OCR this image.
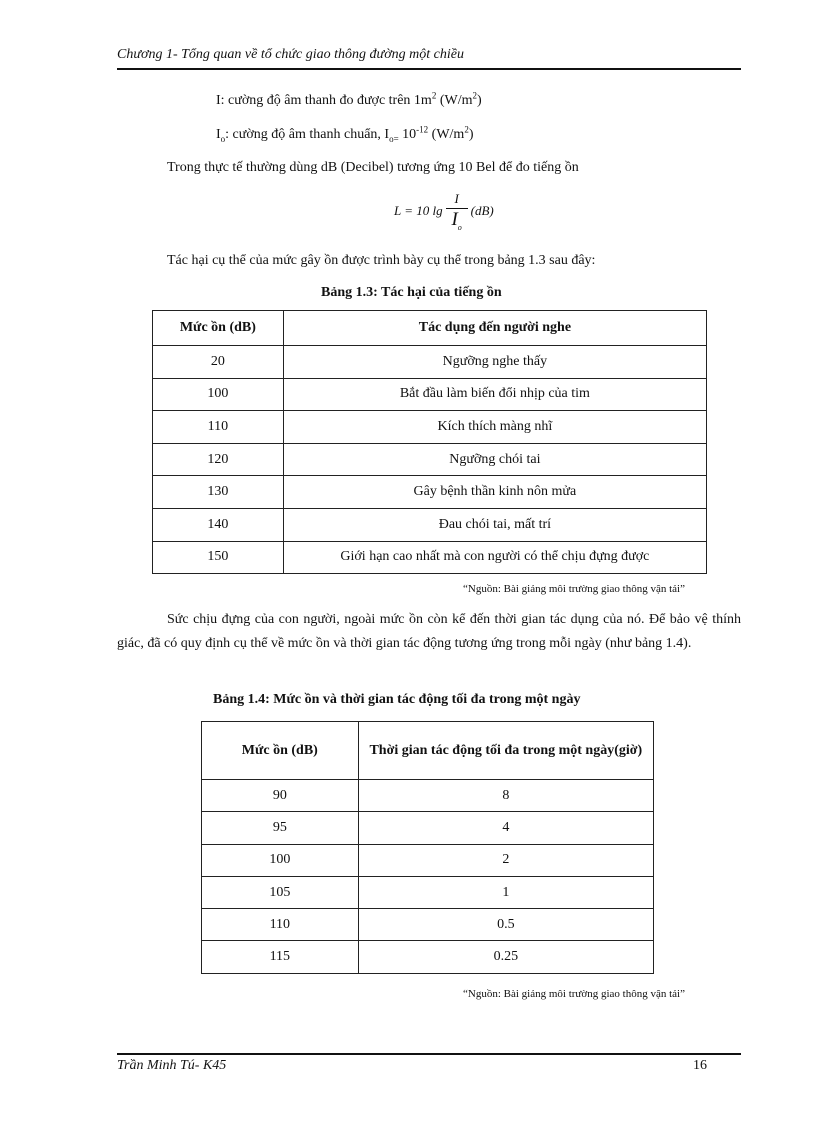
Chương 1- Tổng quan về tổ chức giao thông đường một chiều
I: cường độ âm thanh đo được trên $1m^2$ $(W/m^2)$
$I_o$: cường độ âm thanh chuẩn, $I_{o=}$ $10^{-12}$ $(W/m^2)$
Trong thực tế thường dùng dB (Decibel) tương ứng 10 Bel để đo tiếng ồn
L = 10 $\lg \frac{I}{I_o} (dB)$
Tác hại cụ thể của mức gây ồn được trình bày cụ thể trong bảng 1.3 sau đây:
Bảng 1.3: Tác hại của tiếng ồn
Mức ồn (dB)	Tác dụng đến người nghe
20	Ngưỡng nghe thấy
100	Bắt đầu làm biến đổi nhịp của tim
110	Kích thích màng nhĩ
120	Ngưỡng chói tai
130	Gây bệnh thần kinh nôn mửa
140	Đau chói tai, mất trí
150	Giới hạn cao nhất mà con người có thể chịu đựng được
“Nguồn: Bài giảng môi trường giao thông vận tải”
Sức chịu đựng của con người, ngoài mức ồn còn kể đến thời gian tác dụng của nó. Để bảo vệ thính giác, đã có quy định cụ thể về mức ồn và thời gian tác động tương ứng trong mỗi ngày (như bảng 1.4).
Bảng 1.4: Mức ồn và thời gian tác động tối đa trong một ngày
Mức ồn (dB)	Thời gian tác động tối đa trong một ngày(giờ)
90	8
95	4
100	2
105	1
110	0.5
115	0.25
“Nguồn: Bài giảng môi trường giao thông vận tải”
Trần Minh Tú- K45	16
